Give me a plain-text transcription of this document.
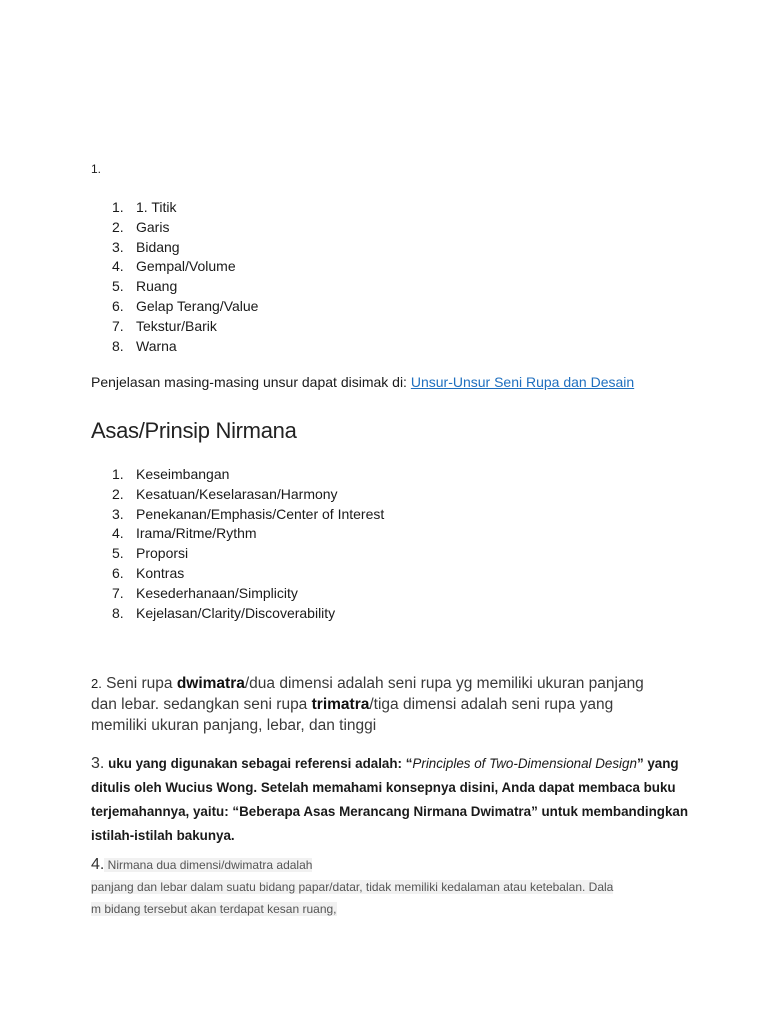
1.
1. 1. Titik
2. Garis
3. Bidang
4. Gempal/Volume
5. Ruang
6. Gelap Terang/Value
7. Tekstur/Barik
8. Warna
Penjelasan masing-masing unsur dapat disimak di: Unsur-Unsur Seni Rupa dan Desain
Asas/Prinsip Nirmana
1. Keseimbangan
2. Kesatuan/Keselarasan/Harmony
3. Penekanan/Emphasis/Center of Interest
4. Irama/Ritme/Rythm
5. Proporsi
6. Kontras
7. Kesederhanaan/Simplicity
8. Kejelasan/Clarity/Discoverability
2. Seni rupa dwimatra/dua dimensi adalah seni rupa yg memiliki ukuran panjang dan lebar. sedangkan seni rupa trimatra/tiga dimensi adalah seni rupa yang memiliki ukuran panjang, lebar, dan tinggi
3. uku yang digunakan sebagai referensi adalah: “Principles of Two-Dimensional Design” yang ditulis oleh Wucius Wong. Setelah memahami konsepnya disini, Anda dapat membaca buku terjemahannya, yaitu: “Beberapa Asas Merancang Nirmana Dwimatra” untuk membandingkan istilah-istilah bakunya.
4. Nirmana dua dimensi/dwimatra adalah
panjang dan lebar dalam suatu bidang papar/datar, tidak memiliki kedalaman atau ketebalan. Dala
m bidang tersebut akan terdapat kesan ruang,
